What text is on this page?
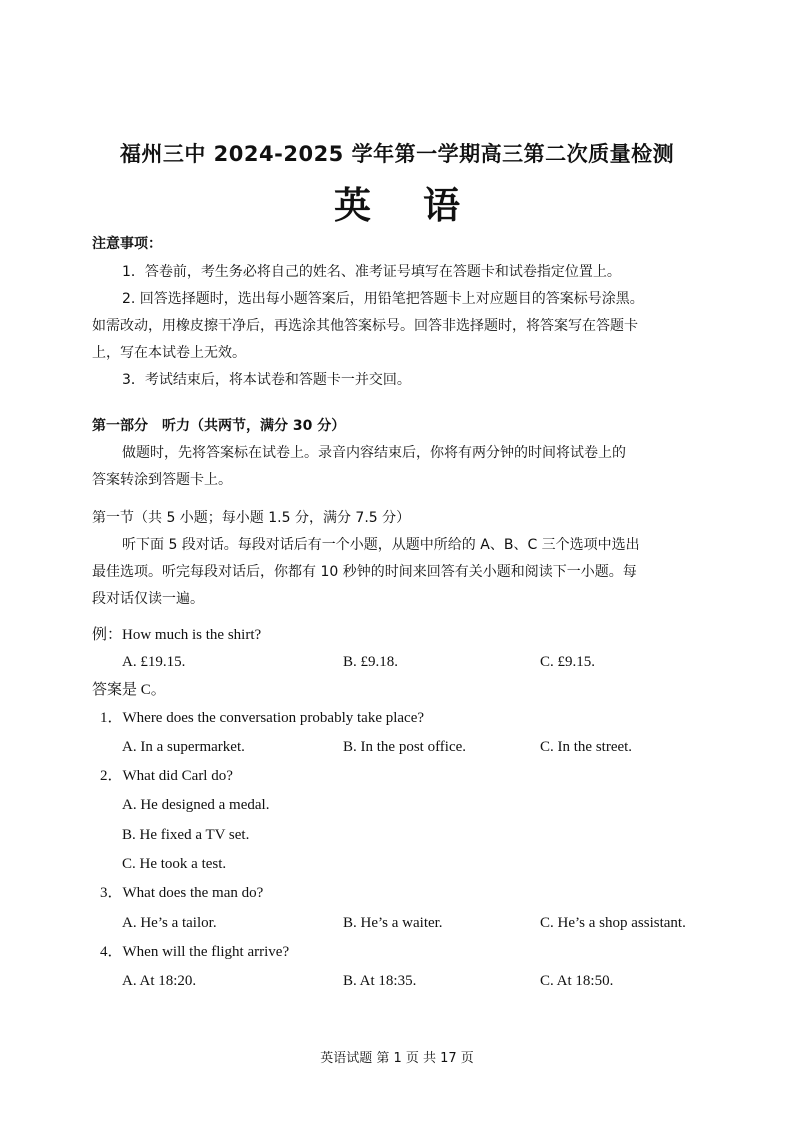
福州三中 2024-2025 学年第一学期高三第二次质量检测
英语
注意事项：
1．答卷前，考生务必将自己的姓名、准考证号填写在答题卡和试卷指定位置上。
2. 回答选择题时，选出每小题答案后，用铅笔把答题卡上对应题目的答案标号涂黑。
如需改动，用橡皮擦干净后，再选涂其他答案标号。回答非选择题时，将答案写在答题卡
上，写在本试卷上无效。
3．考试结束后，将本试卷和答题卡一并交回。
第一部分　听力（共两节，满分 30 分）
做题时，先将答案标在试卷上。录音内容结束后，你将有两分钟的时间将试卷上的
答案转涂到答题卡上。
第一节（共 5 小题；每小题 1.5 分，满分 7.5 分）
听下面 5 段对话。每段对话后有一个小题，从题中所给的 A、B、C 三个选项中选出
最佳选项。听完每段对话后，你都有 10 秒钟的时间来回答有关小题和阅读下一小题。每
段对话仅读一遍。
例：How much is the shirt?
A. £19.15.	B. £9.18.	C. £9.15.
答案是 C。
1．Where does the conversation probably take place?
A. In a supermarket.	B. In the post office.	C. In the street.
2．What did Carl do?
A. He designed a medal.
B. He fixed a TV set.
C. He took a test.
3．What does the man do?
A. He’s a tailor.	B. He’s a waiter.	C. He’s a shop assistant.
4．When will the flight arrive?
A. At 18:20.	B. At 18:35.	C. At 18:50.
英语试题 第 1 页 共 17 页
